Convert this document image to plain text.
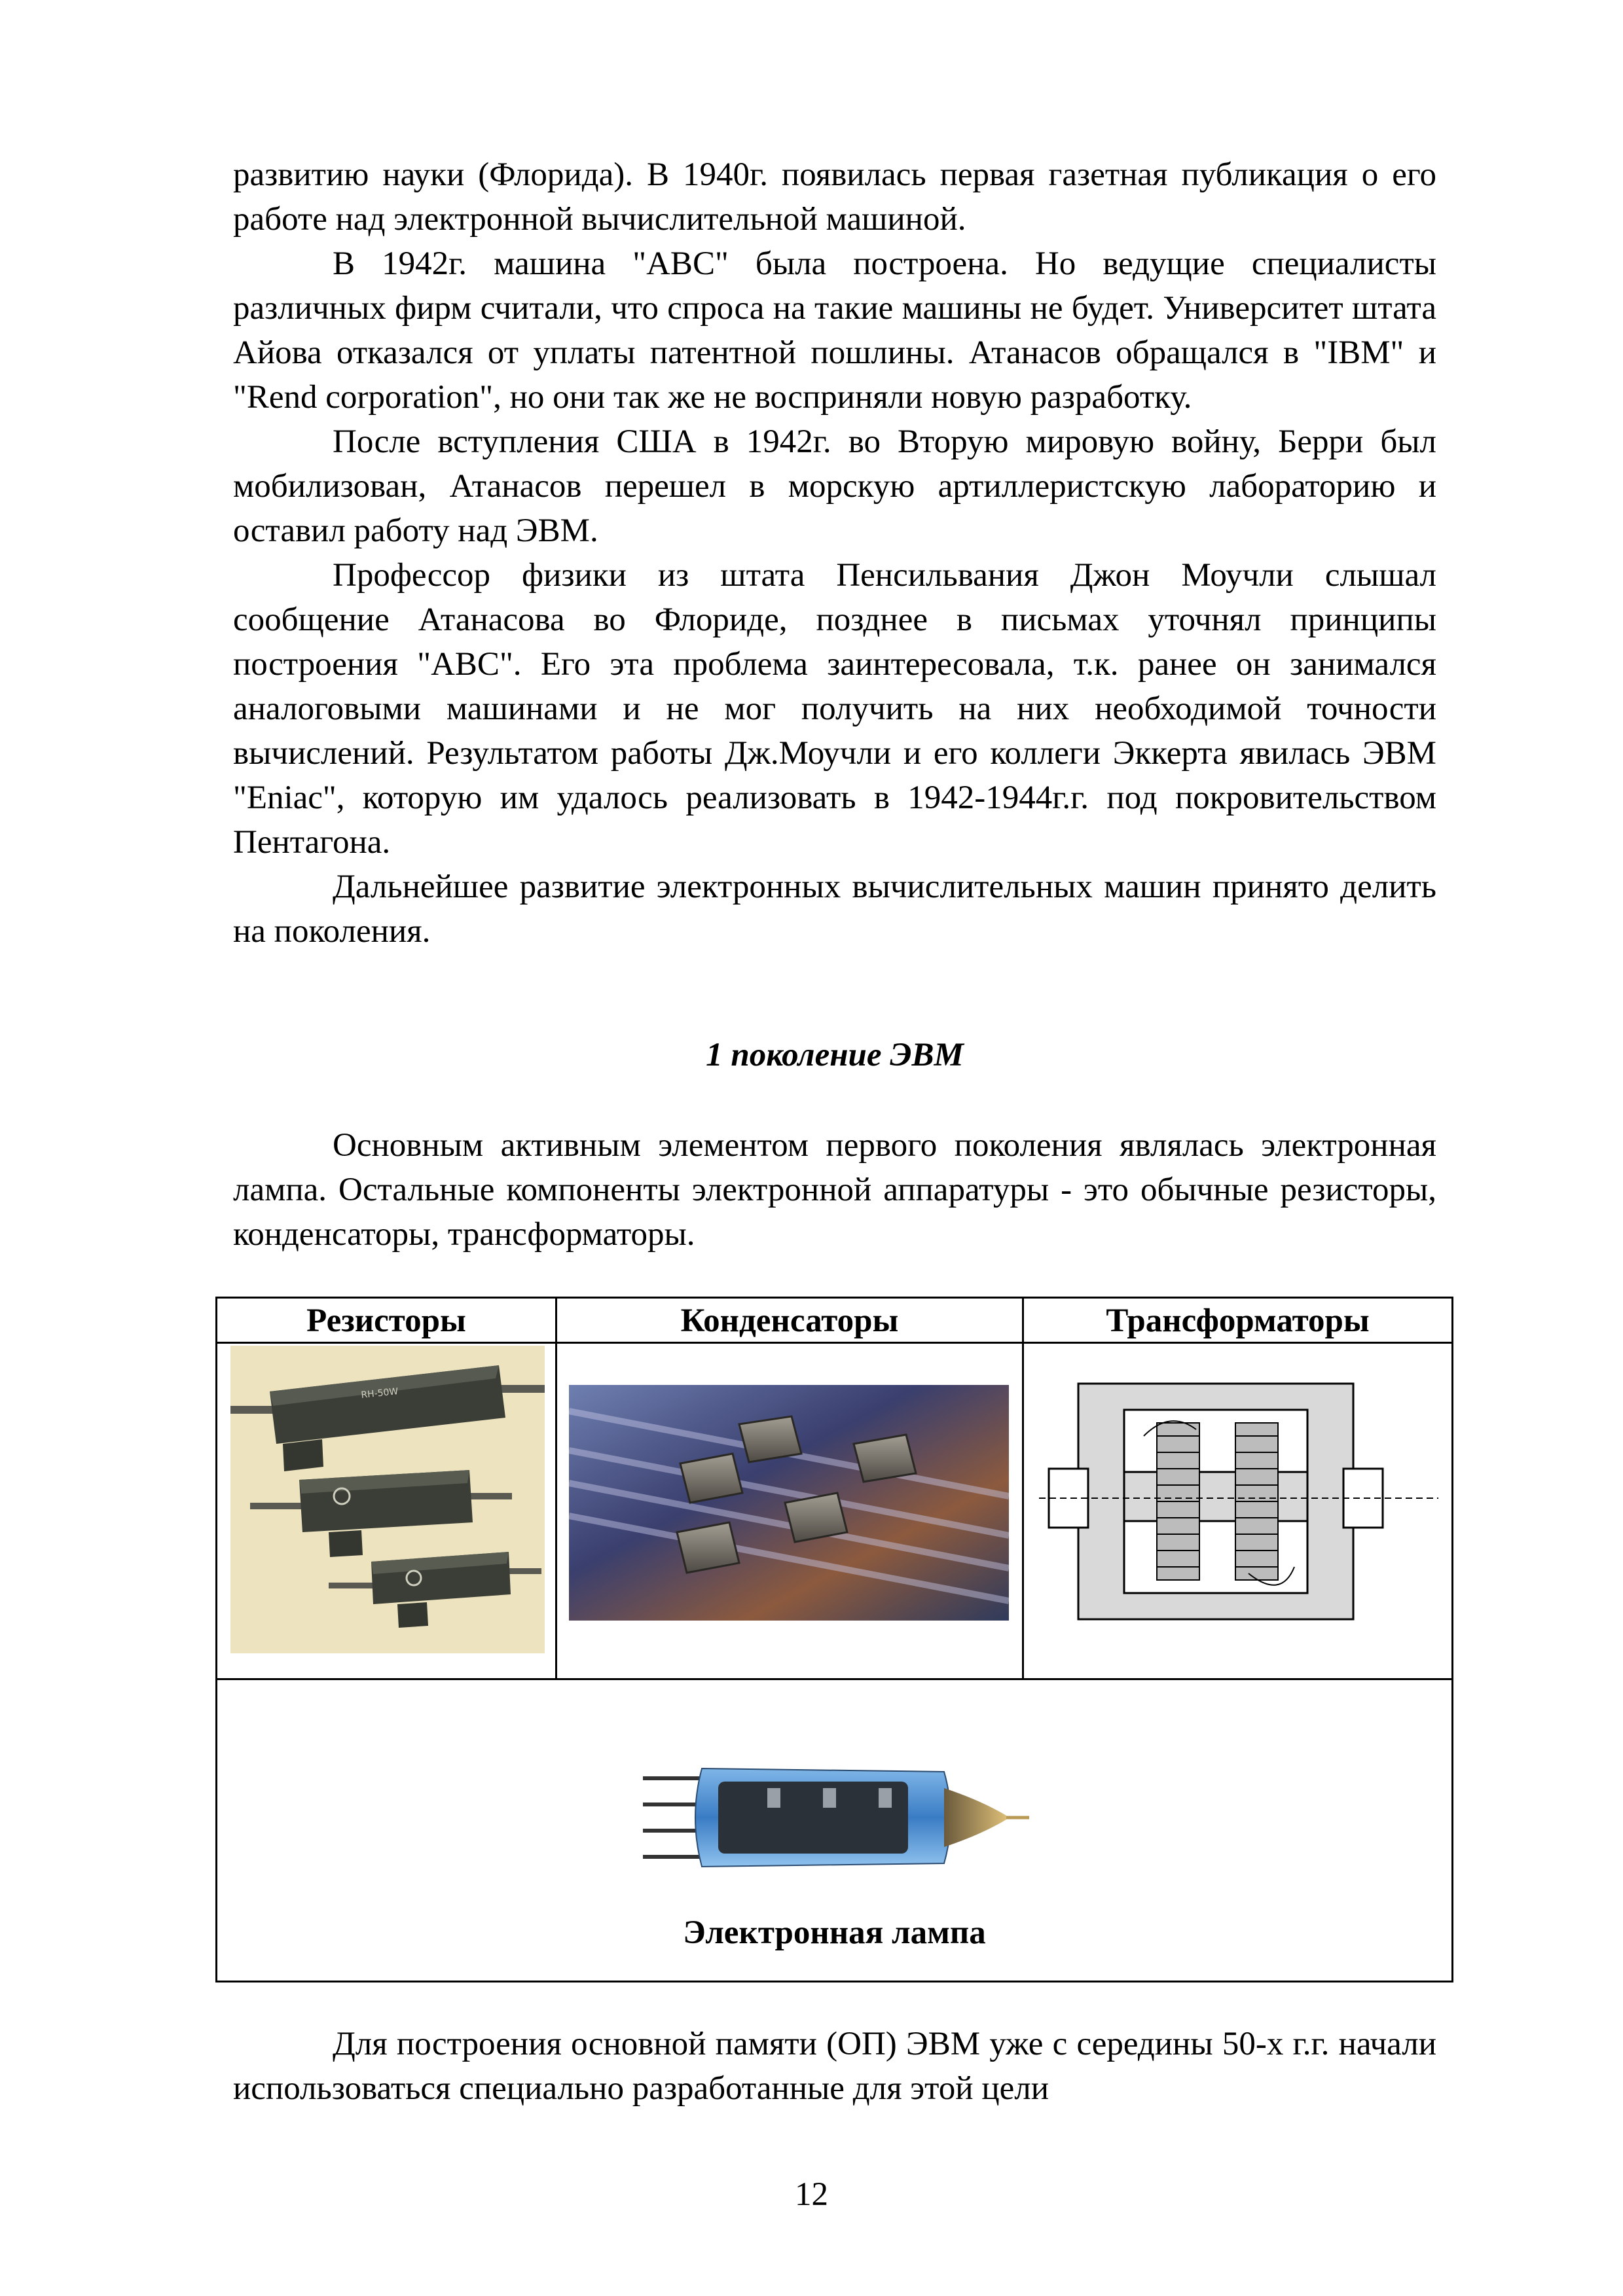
развитию науки (Флорида). В 1940г. появилась первая газетная публикация о его работе над электронной вычислительной машиной.

В 1942г. машина "АВС" была построена. Но ведущие специалисты различных фирм считали, что спроса на такие машины не будет. Университет штата Айова отказался от уплаты патентной пошлины. Атанасов обращался в "IBM" и "Rend corporation", но они так же не восприняли новую разработку.

После вступления США в 1942г. во Вторую мировую войну, Берри был мобилизован, Атанасов перешел в морскую артиллеристскую лабораторию и оставил работу над ЭВМ.

Профессор физики из штата Пенсильвания Джон Моучли слышал сообщение Атанасова во Флориде, позднее в письмах уточнял принципы построения "АВС". Его эта проблема заинтересовала, т.к. ранее он занимался аналоговыми машинами и не мог получить на них необходимой точности вычислений. Результатом работы Дж.Моучли и его коллеги Эккерта явилась ЭВМ "Eniac", которую им удалось реализовать в 1942-1944г.г. под покровительством Пентагона.

Дальнейшее развитие электронных вычислительных машин принято делить на поколения.

1 поколение ЭВМ

Основным активным элементом первого поколения являлась электронная лампа. Остальные компоненты электронной аппаратуры - это обычные резисторы, конденсаторы, трансформаторы.

Резисторы	Конденсаторы	Трансформаторы
RH-50W
Электронная лампа

Для построения основной памяти (ОП) ЭВМ уже с середины 50-х г.г. начали использоваться специально разработанные для этой цели

12
